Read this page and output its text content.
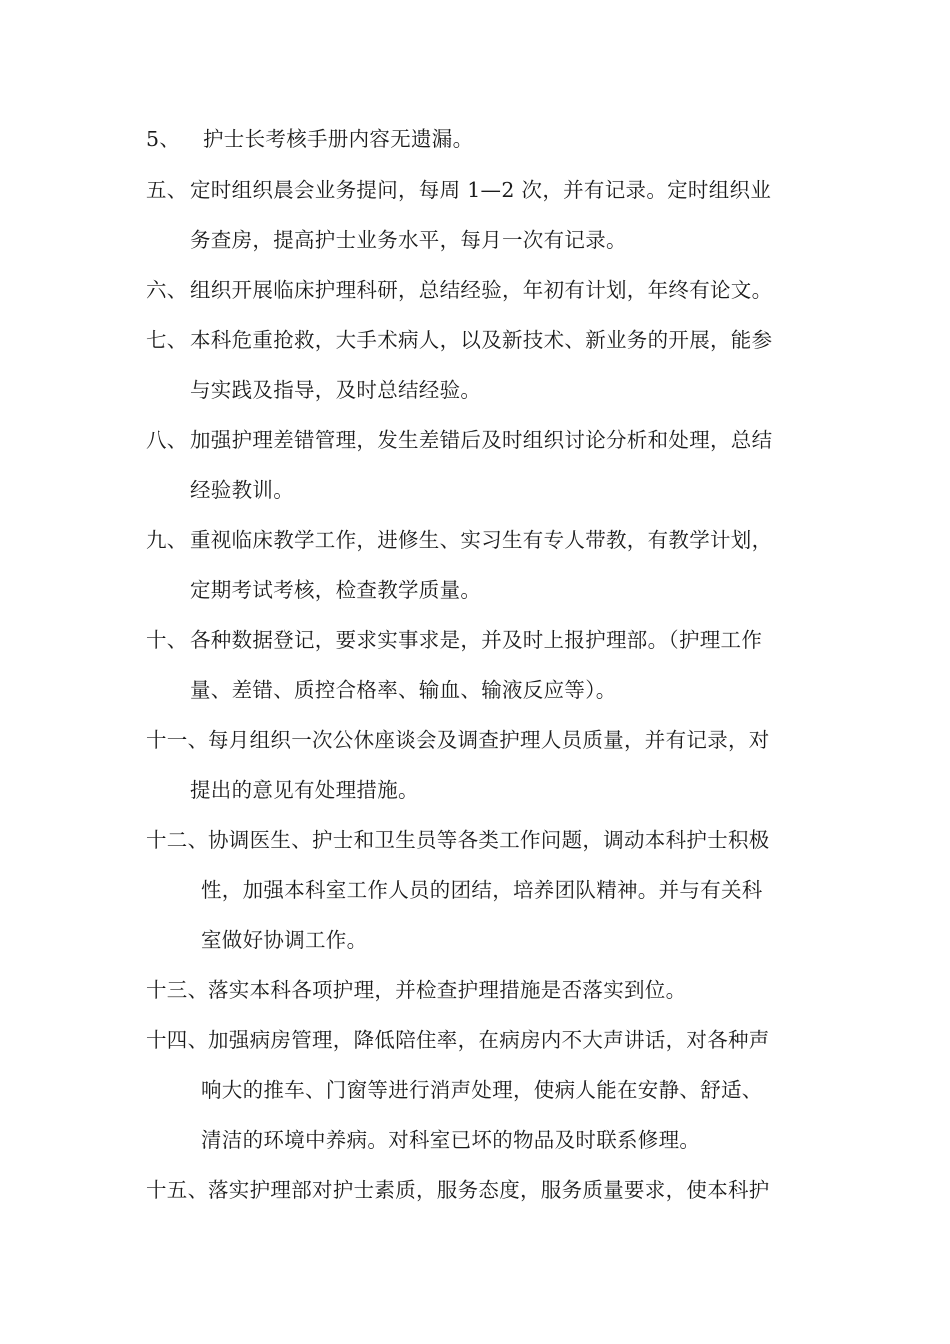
5、 护士长考核手册内容无遗漏。
五、 定时组织晨会业务提问，每周 1—2 次，并有记录。定时组织业
务查房，提高护士业务水平，每月一次有记录。
六、 组织开展临床护理科研，总结经验，年初有计划，年终有论文。
七、 本科危重抢救，大手术病人，以及新技术、新业务的开展，能参
与实践及指导，及时总结经验。
八、 加强护理差错管理，发生差错后及时组织讨论分析和处理，总结
经验教训。
九、 重视临床教学工作，进修生、实习生有专人带教，有教学计划，
定期考试考核，检查教学质量。
十、 各种数据登记，要求实事求是，并及时上报护理部。（护理工作
量、差错、质控合格率、输血、输液反应等）。
十一、 每月组织一次公休座谈会及调查护理人员质量，并有记录，对
提出的意见有处理措施。
十二、 协调医生、护士和卫生员等各类工作问题，调动本科护士积极
性，加强本科室工作人员的团结，培养团队精神。并与有关科
室做好协调工作。
十三、 落实本科各项护理，并检查护理措施是否落实到位。
十四、 加强病房管理，降低陪住率，在病房内不大声讲话，对各种声
响大的推车、门窗等进行消声处理，使病人能在安静、舒适、
清洁的环境中养病。对科室已坏的物品及时联系修理。
十五、 落实护理部对护士素质，服务态度，服务质量要求，使本科护
